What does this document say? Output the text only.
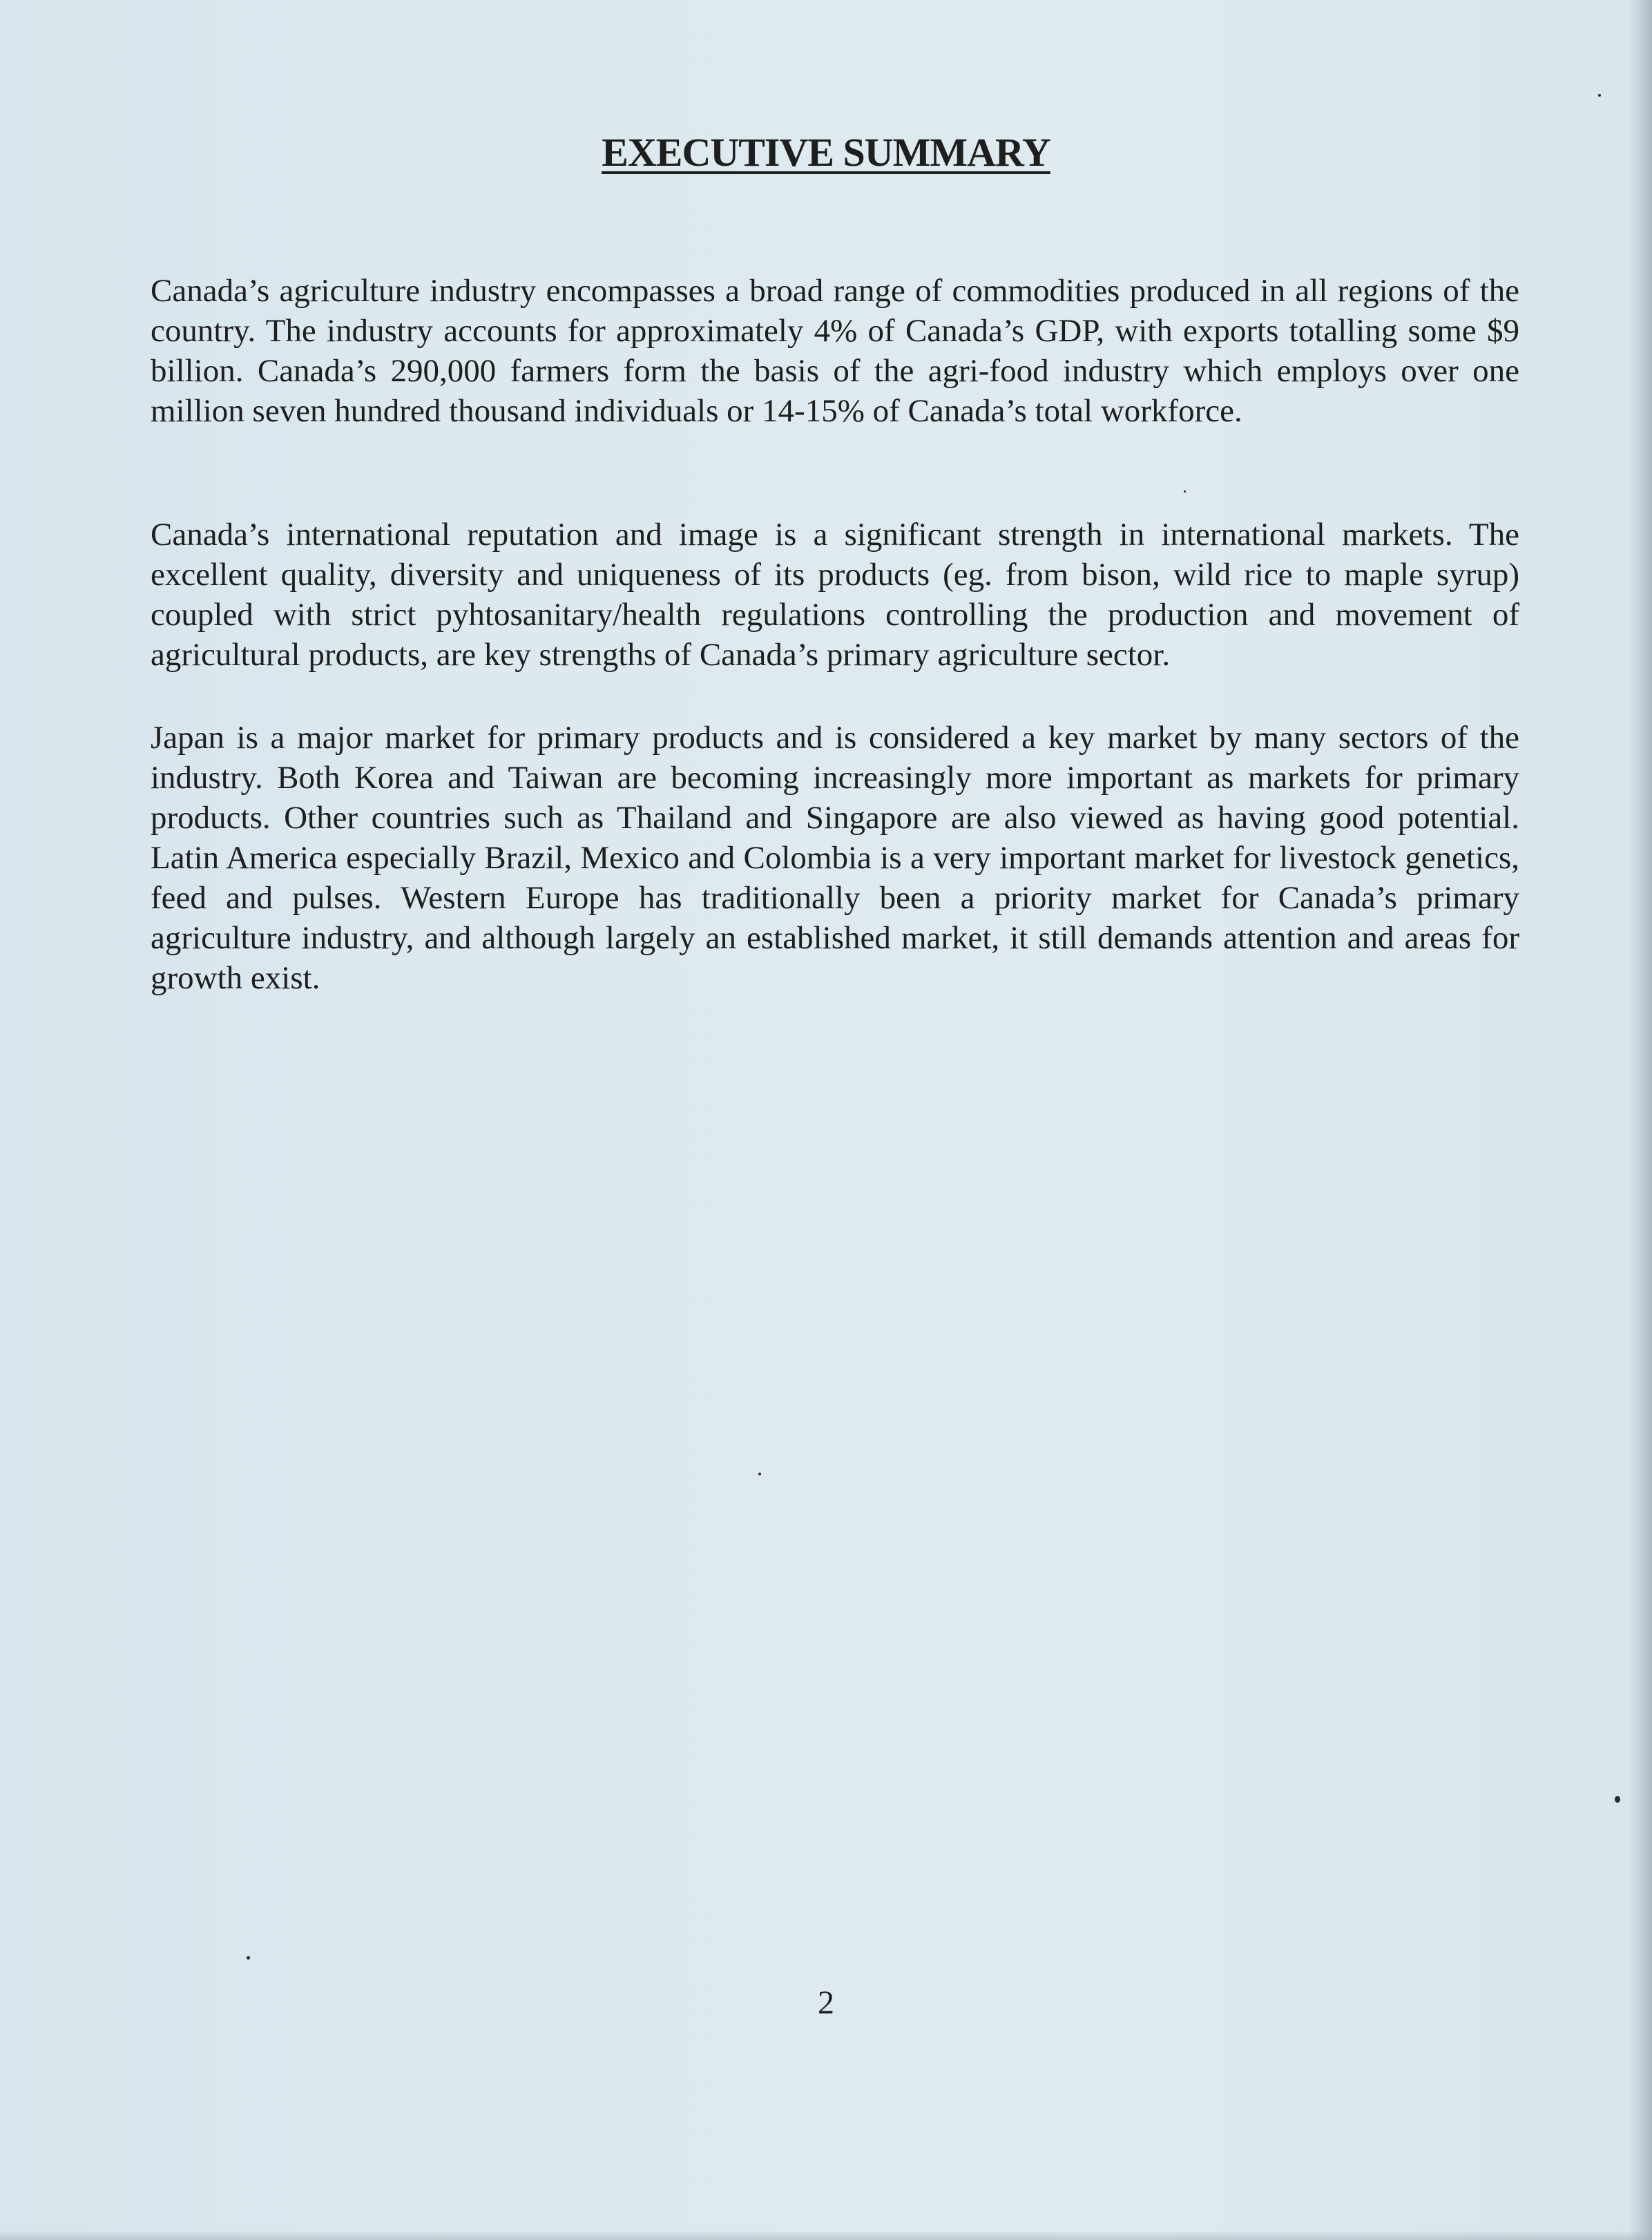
EXECUTIVE SUMMARY

Canada’s agriculture industry encompasses a broad range of commodities produced in all regions of the country. The industry accounts for approximately 4% of Canada’s GDP, with exports totalling some $9 billion. Canada’s 290,000 farmers form the basis of the agri-food industry which employs over one million seven hundred thousand individuals or 14-15% of Canada’s total workforce.

Canada’s international reputation and image is a significant strength in international markets. The excellent quality, diversity and uniqueness of its products (eg. from bison, wild rice to maple syrup) coupled with strict pyhtosanitary/health regulations controlling the production and movement of agricultural products, are key strengths of Canada’s primary agriculture sector.

Japan is a major market for primary products and is considered a key market by many sectors of the industry. Both Korea and Taiwan are becoming increasingly more important as markets for primary products. Other countries such as Thailand and Singapore are also viewed as having good potential. Latin America especially Brazil, Mexico and Colombia is a very important market for livestock genetics, feed and pulses. Western Europe has traditionally been a priority market for Canada’s primary agriculture industry, and although largely an established market, it still demands attention and areas for growth exist.

2
